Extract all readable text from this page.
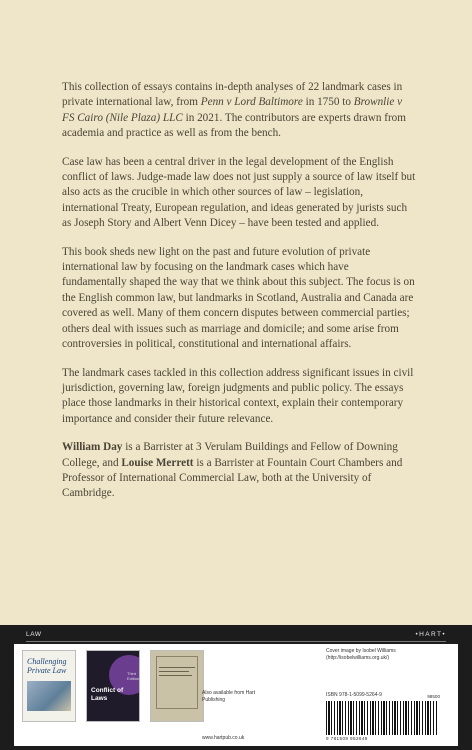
This collection of essays contains in-depth analyses of 22 landmark cases in private international law, from Penn v Lord Baltimore in 1750 to Brownlie v FS Cairo (Nile Plaza) LLC in 2021. The contributors are experts drawn from academia and practice as well as from the bench.

Case law has been a central driver in the legal development of the English conflict of laws. Judge-made law does not just supply a source of law itself but also acts as the crucible in which other sources of law – legislation, international Treaty, European regulation, and ideas generated by jurists such as Joseph Story and Albert Venn Dicey – have been tested and applied.

This book sheds new light on the past and future evolution of private international law by focusing on the landmark cases which have fundamentally shaped the way that we think about this subject. The focus is on the English common law, but landmarks in Scotland, Australia and Canada are covered as well. Many of them concern disputes between commercial parties; others deal with issues such as marriage and domicile; and some arise from controversies in political, constitutional and international affairs.

The landmark cases tackled in this collection address significant issues in civil jurisdiction, governing law, foreign judgments and public policy. The essays place those landmarks in their historical context, explain their contemporary importance and consider their future relevance.

William Day is a Barrister at 3 Verulam Buildings and Fellow of Downing College, and Louise Merrett is a Barrister at Fountain Court Chambers and Professor of International Commercial Law, both at the University of Cambridge.

LAW	•HART•
Challenging Private Law	Third Edition
Conflict of Laws
Also available from Hart Publishing
www.hartpub.co.uk
Cover image by Isobel Williams (http://isobelwilliams.org.uk/)
ISBN 978-1-5099-5264-9	98500
9 781509 952649
